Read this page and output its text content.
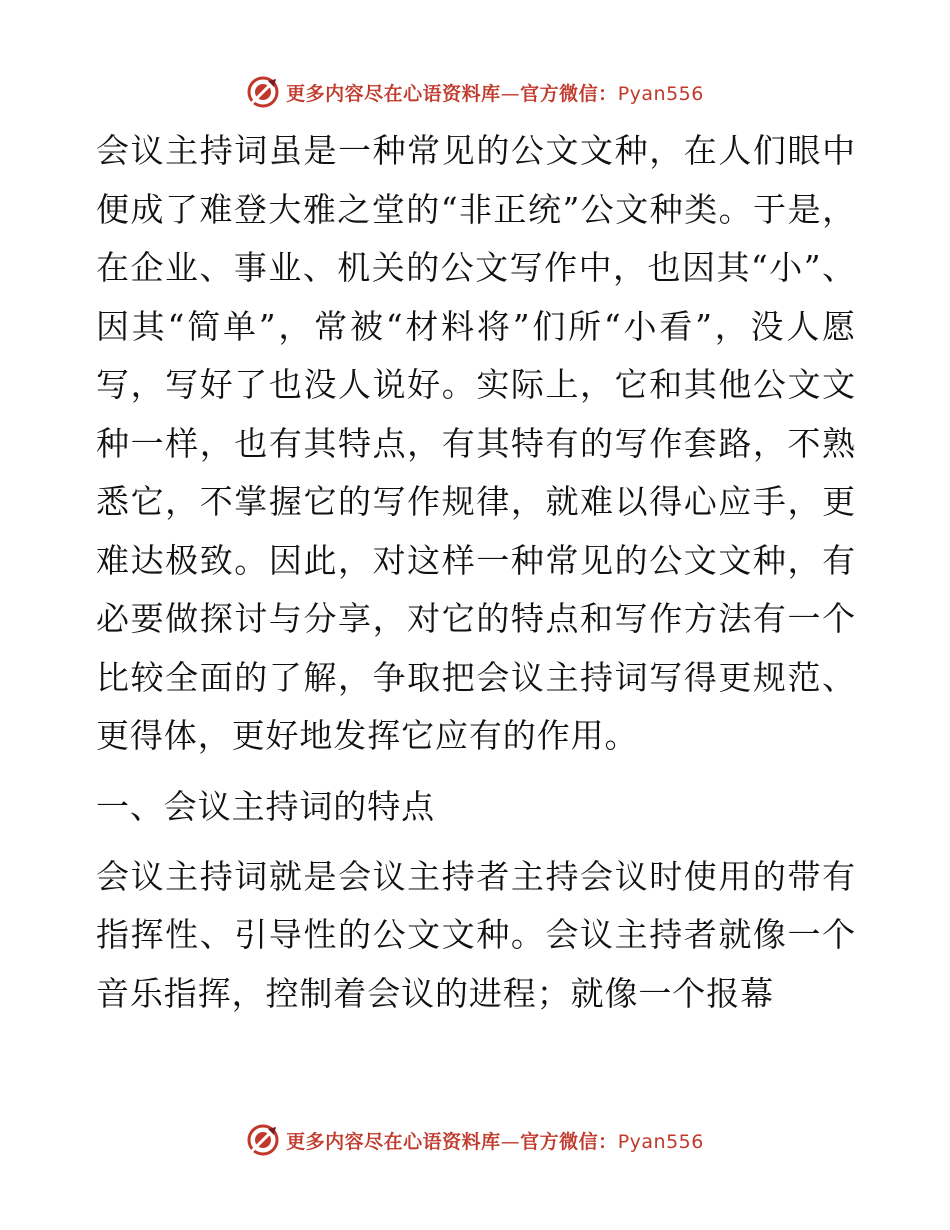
更多内容尽在心语资料库—官方微信：Pyan556

会议主持词虽是一种常见的公文文种，在人们眼中便成了难登大雅之堂的“非正统”公文种类。于是，在企业、事业、机关的公文写作中，也因其“小”、因其“简单”，常被“材料将”们所“小看”，没人愿写，写好了也没人说好。实际上，它和其他公文文种一样，也有其特点，有其特有的写作套路，不熟悉它，不掌握它的写作规律，就难以得心应手，更难达极致。因此，对这样一种常见的公文文种，有必要做探讨与分享，对它的特点和写作方法有一个比较全面的了解，争取把会议主持词写得更规范、更得体，更好地发挥它应有的作用。

一、会议主持词的特点

会议主持词就是会议主持者主持会议时使用的带有指挥性、引导性的公文文种。会议主持者就像一个音乐指挥，控制着会议的进程；就像一个报幕

更多内容尽在心语资料库—官方微信：Pyan556
